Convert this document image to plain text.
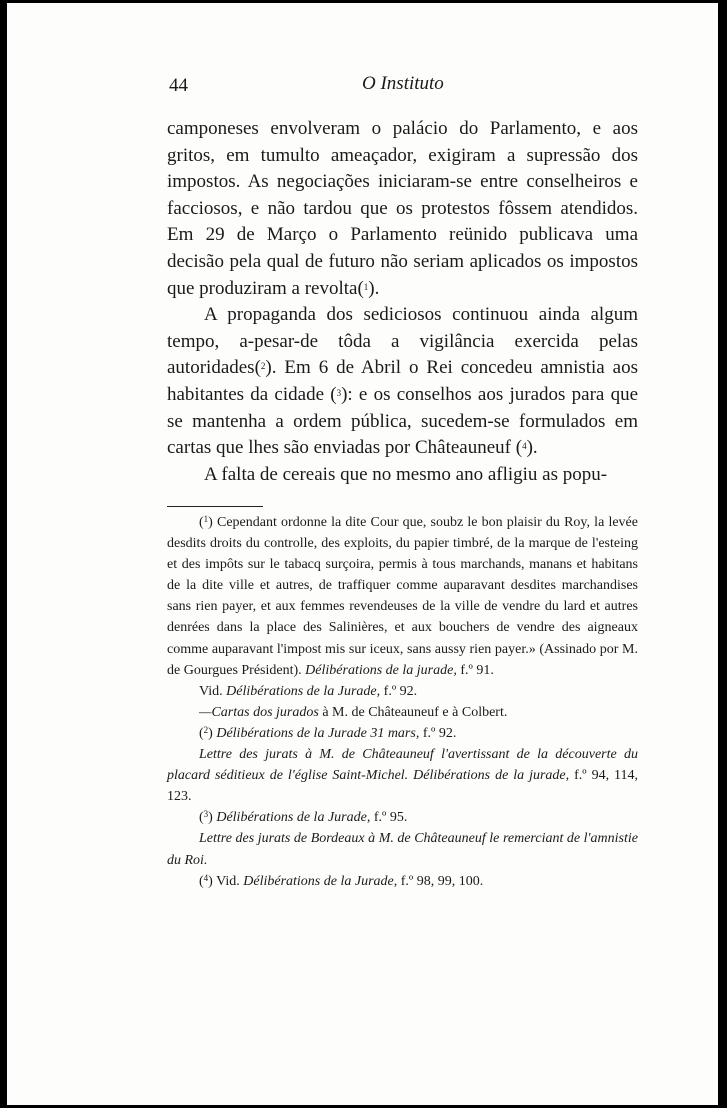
44	O Instituto

camponeses envolveram o palácio do Parlamento, e aos gritos, em tumulto ameaçador, exigiram a supressão dos impostos. As negociações iniciaram-se entre conselheiros e facciosos, e não tardou que os protestos fôssem atendidos. Em 29 de Março o Parlamento reünido publicava uma decisão pela qual de futuro não seriam aplicados os impostos que produziram a revolta($^1$).

A propaganda dos sediciosos continuou ainda algum tempo, a-pesar-de tôda a vigilância exercida pelas autoridades($^2$). Em 6 de Abril o Rei concedeu amnistia aos habitantes da cidade ($^3$): e os conselhos aos jurados para que se mantenha a ordem pública, sucedem-se formulados em cartas que lhes são enviadas por Châteauneuf ($^4$).

A falta de cereais que no mesmo ano afligiu as popu-

($^1$) Cependant ordonne la dite Cour que, soubz le bon plaisir du Roy, la levée desdits droits du controlle, des exploits, du papier timbré, de la marque de l'esteing et des impôts sur le tabacq surçoira, permis à tous marchands, manans et habitans de la dite ville et autres, de traffiquer comme auparavant desdites marchandises sans rien payer, et aux femmes revendeuses de la ville de vendre du lard et autres denrées dans la place des Salinières, et aux bouchers de vendre des aigneaux comme auparavant l'impost mis sur iceux, sans aussy rien payer.» (Assinado por M. de Gourgues Président). Délibérations de la jurade, f.º 91.

Vid. Délibérations de la Jurade, f.º 92.

—Cartas dos jurados à M. de Châteauneuf e à Colbert.

($^2$) Délibérations de la Jurade 31 mars, f.º 92.

Lettre des jurats à M. de Châteauneuf l'avertissant de la découverte du placard séditieux de l'église Saint-Michel. Délibérations de la jurade, f.º 94, 114, 123.

($^3$) Délibérations de la Jurade, f.º 95.

Lettre des jurats de Bordeaux à M. de Châteauneuf le remerciant de l'amnistie du Roi.

($^4$) Vid. Délibérations de la Jurade, f.º 98, 99, 100.
